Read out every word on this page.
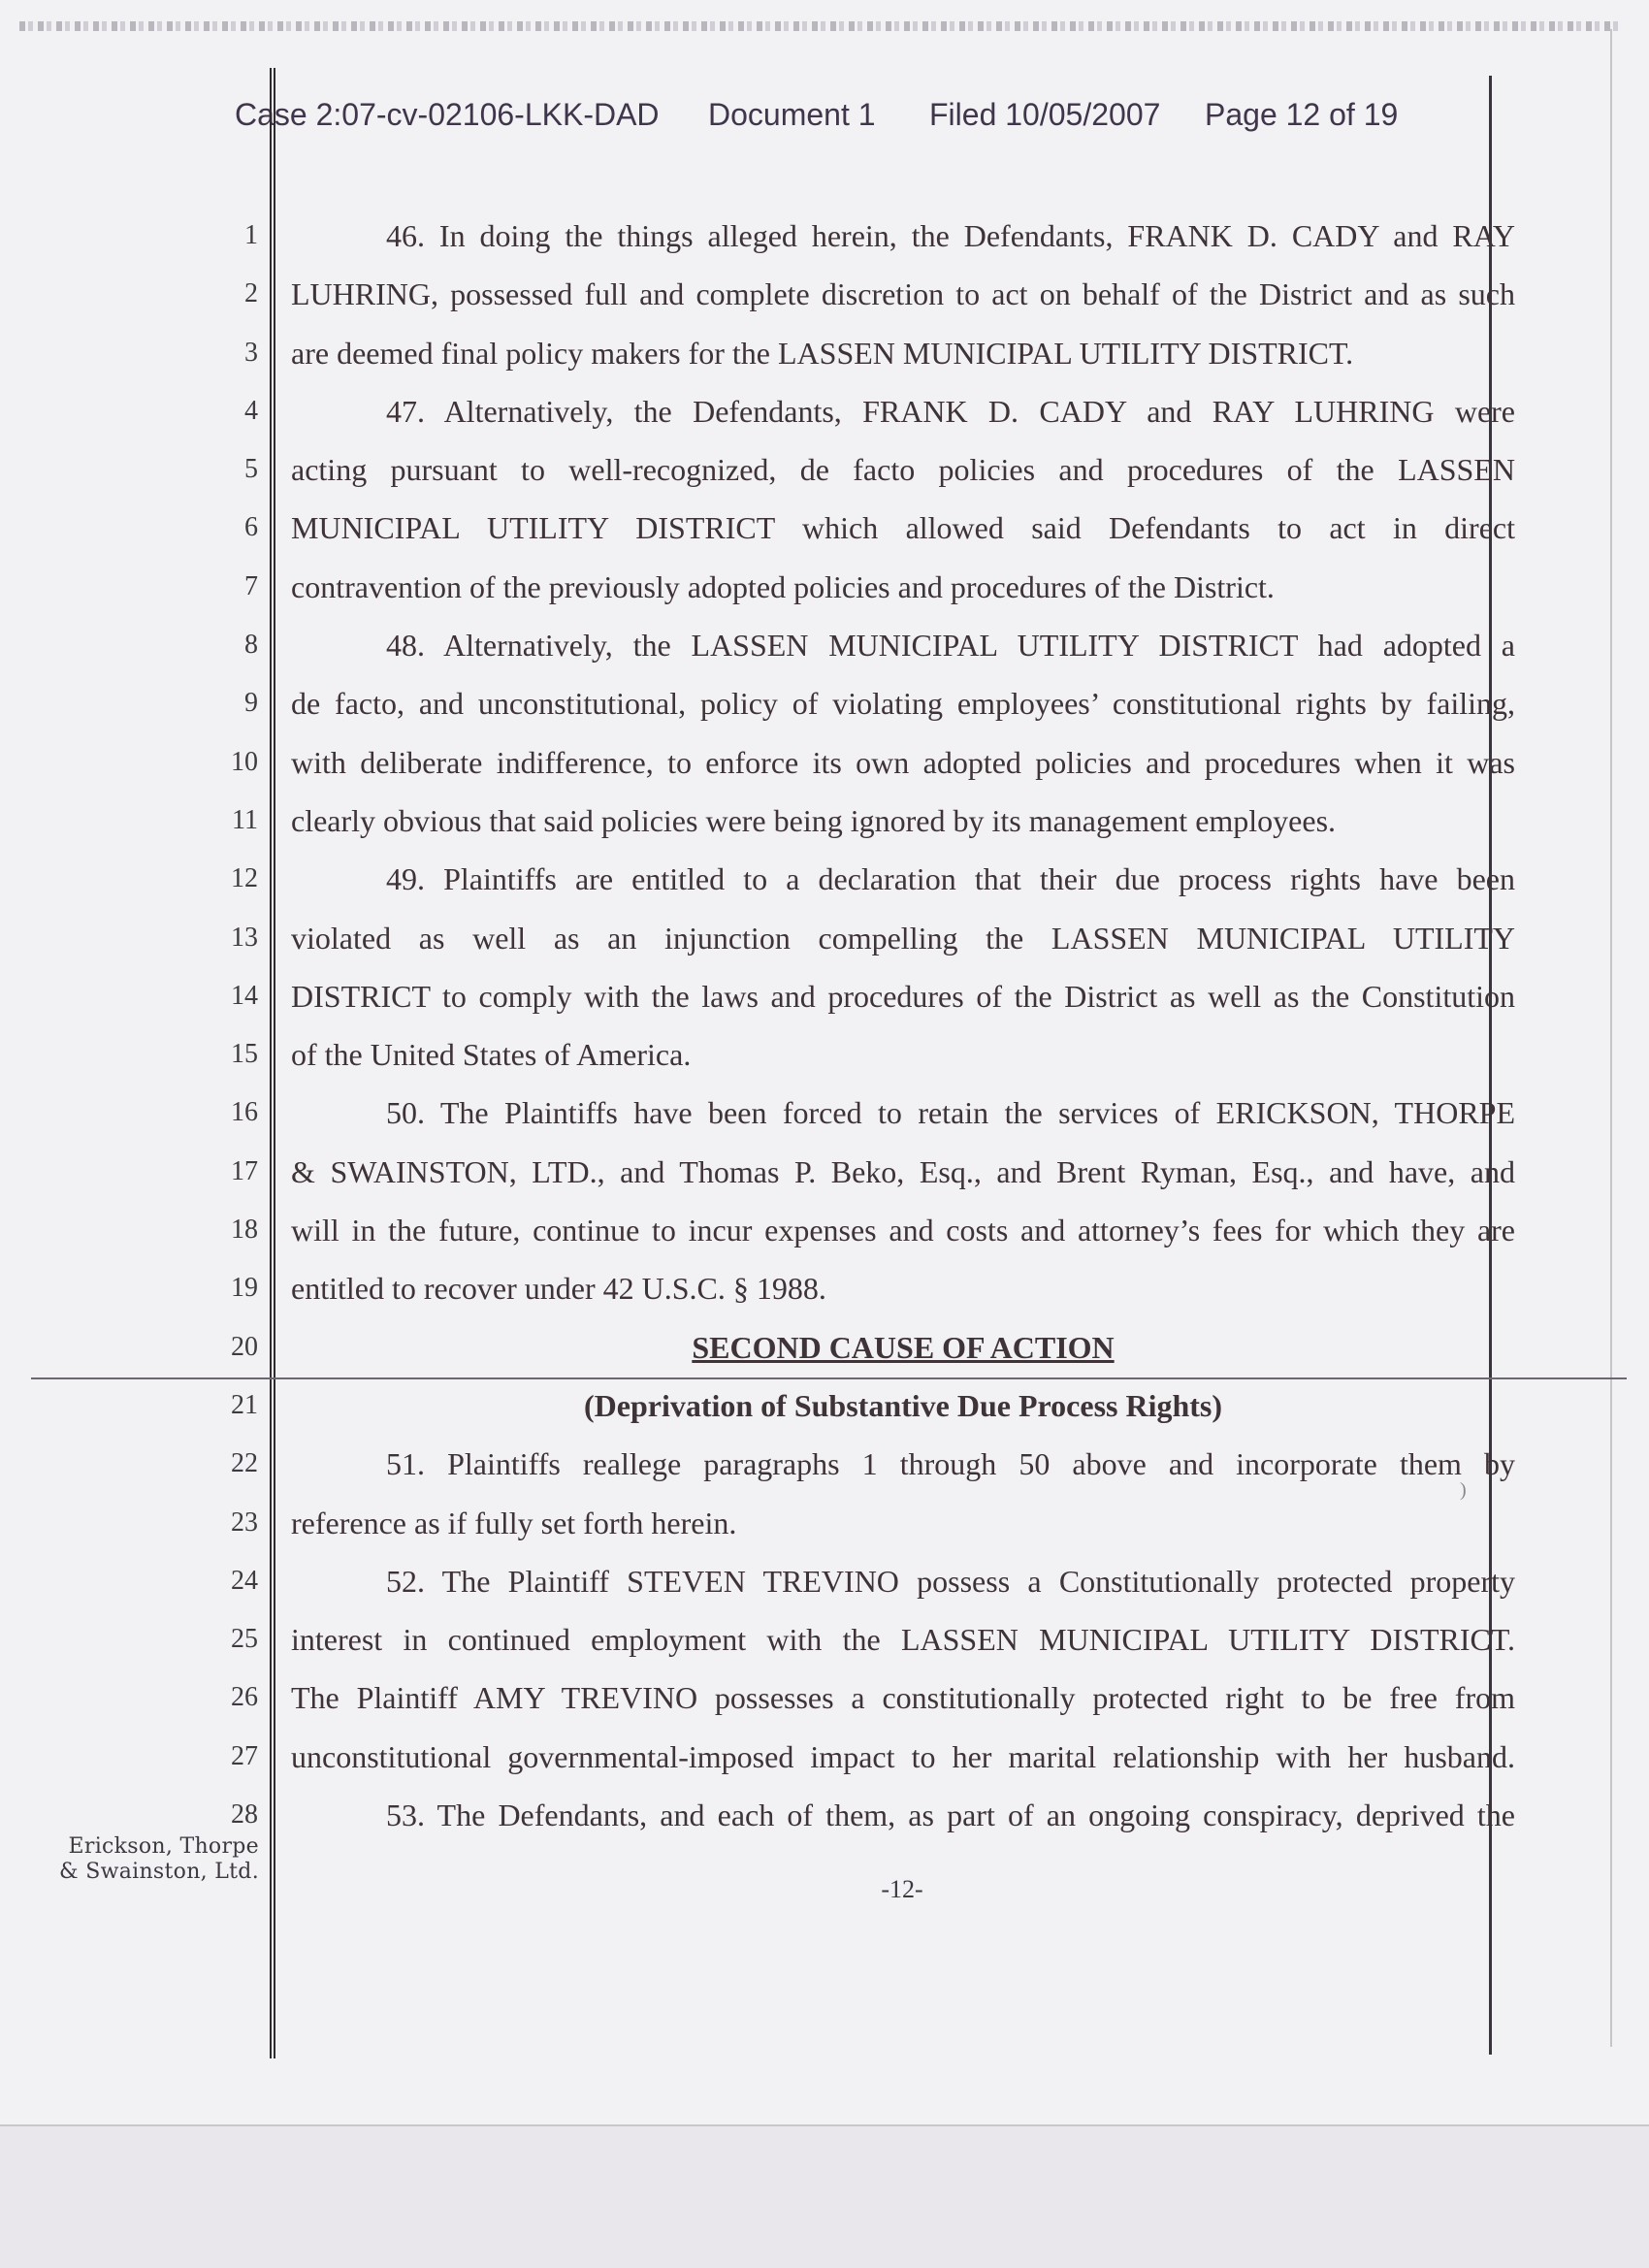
Case 2:07-cv-02106-LKK-DAD Document 1 Filed 10/05/2007 Page 12 of 19
1
2
3
4
5
6
7
8
9
10
11
12
13
14
15
16
17
18
19
20
21
22
23
24
25
26
27
28
46. In doing the things alleged herein, the Defendants, FRANK D. CADY and RAY
LUHRING, possessed full and complete discretion to act on behalf of the District and as such
are deemed final policy makers for the LASSEN MUNICIPAL UTILITY DISTRICT.
47. Alternatively, the Defendants, FRANK D. CADY and RAY LUHRING were
acting pursuant to well-recognized, de facto policies and procedures of the LASSEN
MUNICIPAL UTILITY DISTRICT which allowed said Defendants to act in direct
contravention of the previously adopted policies and procedures of the District.
48. Alternatively, the LASSEN MUNICIPAL UTILITY DISTRICT had adopted a
de facto, and unconstitutional, policy of violating employees’ constitutional rights by failing,
with deliberate indifference, to enforce its own adopted policies and procedures when it was
clearly obvious that said policies were being ignored by its management employees.
49. Plaintiffs are entitled to a declaration that their due process rights have been
violated as well as an injunction compelling the LASSEN MUNICIPAL UTILITY
DISTRICT to comply with the laws and procedures of the District as well as the Constitution
of the United States of America.
50. The Plaintiffs have been forced to retain the services of ERICKSON, THORPE
& SWAINSTON, LTD., and Thomas P. Beko, Esq., and Brent Ryman, Esq., and have, and
will in the future, continue to incur expenses and costs and attorney’s fees for which they are
entitled to recover under 42 U.S.C. § 1988.
SECOND CAUSE OF ACTION
(Deprivation of Substantive Due Process Rights)
51. Plaintiffs reallege paragraphs 1 through 50 above and incorporate them by
reference as if fully set forth herein.
52. The Plaintiff STEVEN TREVINO possess a Constitutionally protected property
interest in continued employment with the LASSEN MUNICIPAL UTILITY DISTRICT.
The Plaintiff AMY TREVINO possesses a constitutionally protected right to be free from
unconstitutional governmental-imposed impact to her marital relationship with her husband.
53. The Defendants, and each of them, as part of an ongoing conspiracy, deprived the
)
Erickson, Thorpe
& Swainston, Ltd.
-12-
